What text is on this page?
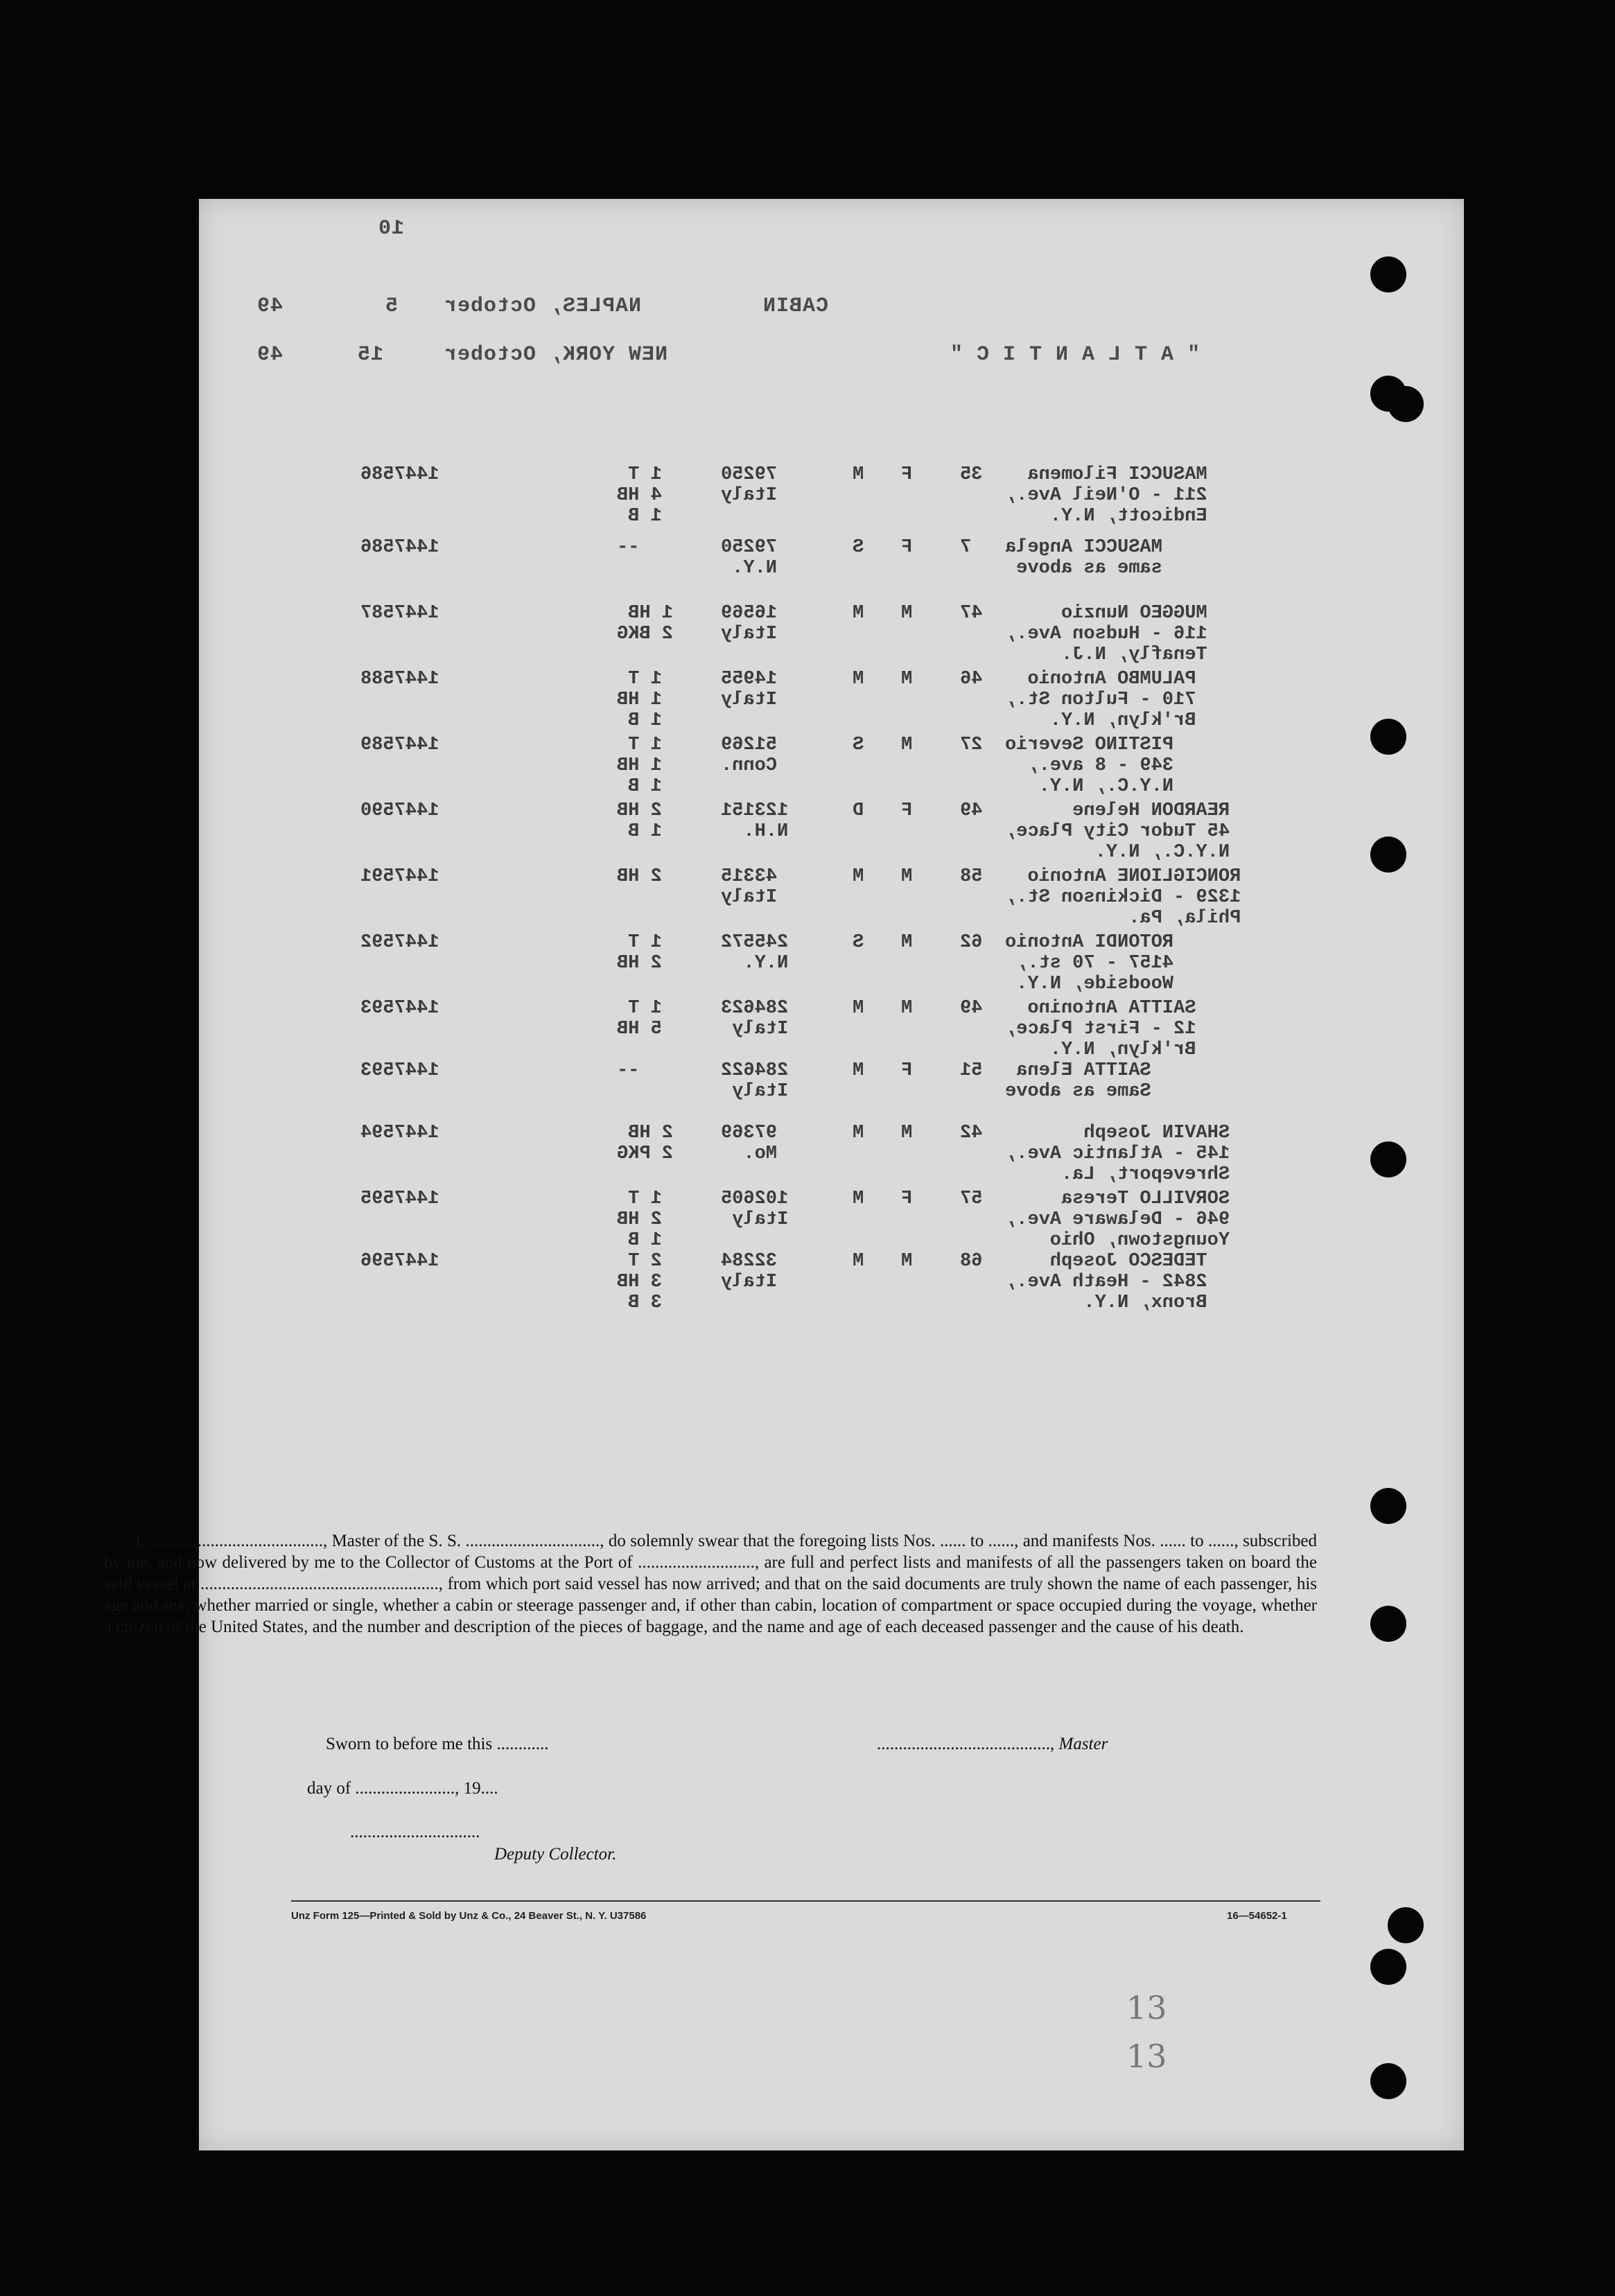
10
CABIN
NAPLES, October
5
49
" A T L A N T I C "
NEW YORK, October
15
49
MASUCCI Filomena
211 - O'Neil Ave.,
Endicott, N.Y.
35
F
M
79250
Italy
1 T
4 HB
1 B
1447586
MASUCCI Angela
same as above
7
F
S
79250
N.Y.
--
1447586
MUGGEO Nunzio
116 - Hudson Ave.,
Tenafly, N.J.
47
M
M
16569
Italy
1 HB
2 BKG
1447587
PALUMBO Antonio
710 - Fulton St.,
Br'klyn, N.Y.
46
M
M
14955
Italy
1 T
1 HB
1 B
1447588
PISTINO Severio
349 - 8 ave.,
N.Y.C., N.Y.
27
M
S
51269
Conn.
1 T
1 HB
1 B
1447589
REARDON Helene
45 Tudor City Place,
N.Y.C., N.Y.
49
F
D
123151
N.H.
2 HB
1 B
1447590
RONCIGLIONE Antonio
1329 - Dickinson St.,
Phila, Pa.
58
M
M
43315
Italy
2 HB
1447591
ROTONDI Antonio
4157 - 70 st.,
Woodside, N.Y.
62
M
S
245572
N.Y.
1 T
2 HB
1447592
SAITTA Antonino
12 - First Place,
Br'klyn, N.Y.
49
M
M
284623
Italy
1 T
5 HB
1447593
SAITTA Elena
Same as above
51
F
M
284622
Italy
--
1447593
SHAVIN Joseph
145 - Atlantic Ave.,
Shreveport, La.
42
M
M
97369
Mo.
2 HB
2 PKG
1447594
SORVILLO Teresa
946 - Delaware Ave.,
Youngstown, Ohio
57
F
M
102605
Italy
1 T
2 HB
1 B
1447595
TEDESCO Joseph
2842 - Heath Ave.,
Bronx, N.Y.
68
M
M
32284
Italy
2 T
3 HB
3 B
1447596

I, ........................................, Master of the S. S. ..............................., do solemnly swear that the foregoing lists Nos. ...... to ......, and manifests Nos. ...... to ......, subscribed by me, and now delivered by me to the Collector of Customs at the Port of ..........................., are full and perfect lists and manifests of all the passengers taken on board the said vessel at ......................................................., from which port said vessel has now arrived; and that on the said documents are truly shown the name of each passenger, his age and sex, whether married or single, whether a cabin or steerage passenger and, if other than cabin, location of compartment or space occupied during the voyage, whether a citizen of the United States, and the number and description of the pieces of baggage, and the name and age of each deceased passenger and the cause of his death.

Sworn to before me this ............	........................................, Master
day of ......................., 19....
..............................
Deputy Collector.
Unz Form 125—Printed & Sold by Unz & Co., 24 Beaver St., N. Y. U37586	16—54652-1
13
13
